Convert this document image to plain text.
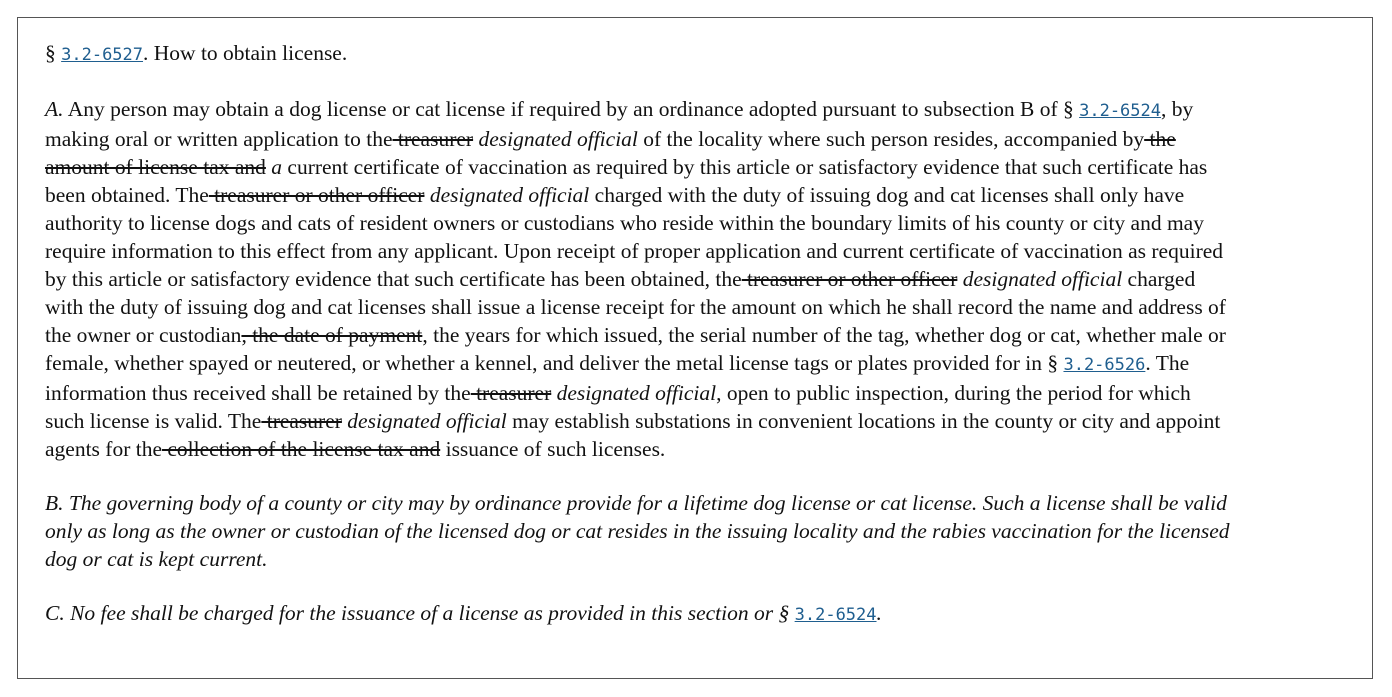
§ 3.2-6527. How to obtain license.

A. Any person may obtain a dog license or cat license if required by an ordinance adopted pursuant to subsection B of § 3.2-6524, by making oral or written application to the treasurer designated official of the locality where such person resides, accompanied by the amount of license tax and a current certificate of vaccination as required by this article or satisfactory evidence that such certificate has been obtained. The treasurer or other officer designated official charged with the duty of issuing dog and cat licenses shall only have authority to license dogs and cats of resident owners or custodians who reside within the boundary limits of his county or city and may require information to this effect from any applicant. Upon receipt of proper application and current certificate of vaccination as required by this article or satisfactory evidence that such certificate has been obtained, the treasurer or other officer designated official charged with the duty of issuing dog and cat licenses shall issue a license receipt for the amount on which he shall record the name and address of the owner or custodian, the date of payment, the years for which issued, the serial number of the tag, whether dog or cat, whether male or female, whether spayed or neutered, or whether a kennel, and deliver the metal license tags or plates provided for in § 3.2-6526. The information thus received shall be retained by the treasurer designated official, open to public inspection, during the period for which such license is valid. The treasurer designated official may establish substations in convenient locations in the county or city and appoint agents for the collection of the license tax and issuance of such licenses.

B. The governing body of a county or city may by ordinance provide for a lifetime dog license or cat license. Such a license shall be valid only as long as the owner or custodian of the licensed dog or cat resides in the issuing locality and the rabies vaccination for the licensed dog or cat is kept current.

C. No fee shall be charged for the issuance of a license as provided in this section or § 3.2-6524.
